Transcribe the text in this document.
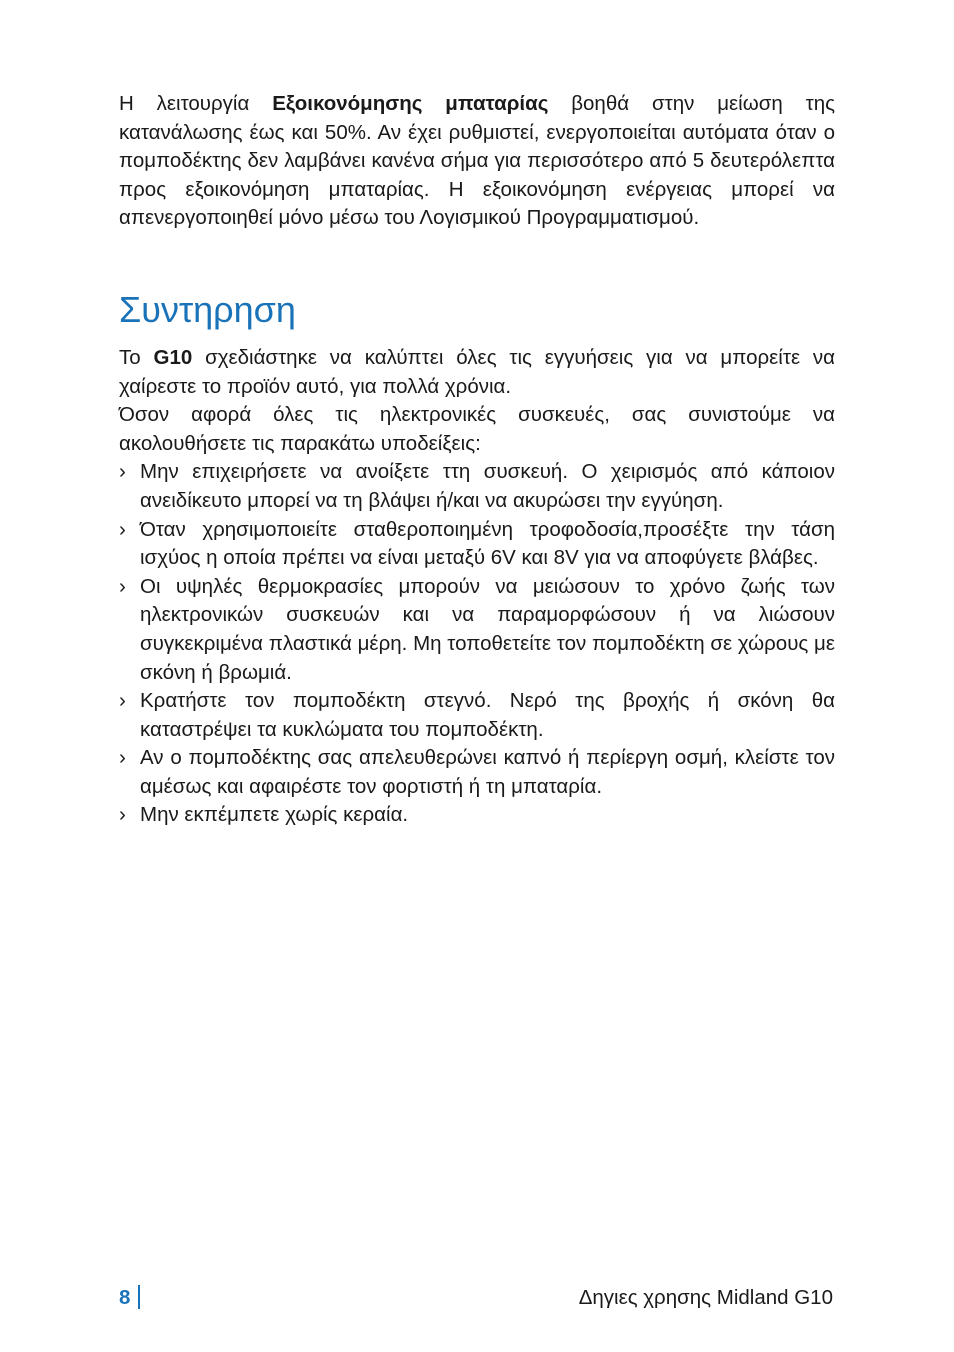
Η λειτουργία Εξοικονόμησης μπαταρίας βοηθά στην μείωση της κατανάλωσης έως και 50%. Αν έχει ρυθμιστεί, ενεργοποιείται αυτόματα όταν ο πομποδέκτης δεν λαμβάνει κανένα σήμα για περισσότερο από 5 δευτερόλεπτα προς εξοικονόμηση μπαταρίας. Η εξοικονόμηση ενέργειας μπορεί να απενεργοποιηθεί μόνο μέσω του Λογισμικού Προγραμματισμού.

Συντηρηση

Το G10 σχεδιάστηκε να καλύπτει όλες τις εγγυήσεις για να μπορείτε να χαίρεστε το προϊόν αυτό, για πολλά χρόνια.

Όσον αφορά όλες τις ηλεκτρονικές συσκευές, σας συνιστούμε να ακολουθήσετε τις παρακάτω υποδείξεις:

› Μην επιχειρήσετε να ανοίξετε ττη συσκευή. Ο χειρισμός από κάποιον ανειδίκευτο μπορεί να τη βλάψει ή/και να ακυρώσει την εγγύηση.
› Όταν χρησιμοποιείτε σταθεροποιημένη τροφοδοσία,προσέξτε την τάση ισχύος η οποία πρέπει να είναι μεταξύ 6V και 8V για να αποφύγετε βλάβες.
› Οι υψηλές θερμοκρασίες μπορούν να μειώσουν το χρόνο ζωής των ηλεκτρονικών συσκευών και να παραμορφώσουν ή να λιώσουν συγκεκριμένα πλαστικά μέρη. Μη τοποθετείτε τον πομποδέκτη σε χώρους με σκόνη ή βρωμιά.
› Κρατήστε τον πομποδέκτη στεγνό. Νερό της βροχής ή σκόνη θα καταστρέψει τα κυκλώματα του πομποδέκτη.
› Αν ο πομποδέκτης σας απελευθερώνει καπνό ή περίεργη οσμή, κλείστε τον αμέσως και αφαιρέστε τον φορτιστή ή τη μπαταρία.
› Μην εκπέμπετε χωρίς κεραία.
8	Δηγιες χρησης Midland G10
